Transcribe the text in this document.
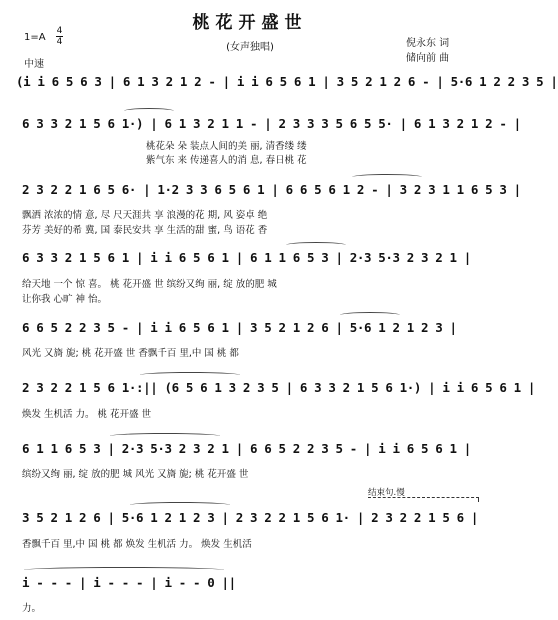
桃花开盛世
(女声独唱)
1=A
4
4
中速
倪永东 词
储向前 曲
(i i 6 5 6 3 | 6 1 3 2 1 2 - | i i 6 5 6 1 | 3 5 2 1 2 6 - | 5·6 1 2 2 3 5 |
6 3 3 2 1 5 6 1·) | 6 1 3 2 1 1 - | 2 3 3 3 5 6 5 5· | 6 1 3 2 1 2 - |
桃花朵 朵 装点人间的美 丽, 清香缕 缕
紫气东 来 传递喜人的消 息, 春日桃 花
2 3 2 2 1 6 5 6· | 1·2 3 3 6 5 6 1 | 6 6 5 6 1 2 - | 3 2 3 1 1 6 5 3 |
飘洒 浓浓的情 意, 尽 尺天涯共 享 浪漫的花 期, 风 姿卓 绝
芬芳 美好的希 冀, 国 泰民安共 享 生活的甜 蜜, 鸟 语花 香
6 3 3 2 1 5 6 1 | i i 6 5 6 1 | 6 1 1 6 5 3 | 2·3 5·3 2 3 2 1 |
给天地 一个 惊 喜。 桃 花开盛 世 缤纷又绚 丽, 绽 放的肥 城
让你我 心旷 神 怡。
6 6 5 2 2 3 5 - | i i 6 5 6 1 | 3 5 2 1 2 6 | 5·6 1 2 1 2 3 |
风光 又旖 旎; 桃 花开盛 世 香飘千百 里,中 国 桃 都
2 3 2 2 1 5 6 1·:|| (6 5 6 1 3 2 3 5 | 6 3 3 2 1 5 6 1·) | i i 6 5 6 1 |
焕发 生机活 力。 桃 花开盛 世
6 1 1 6 5 3 | 2·3 5·3 2 3 2 1 | 6 6 5 2 2 3 5 - | i i 6 5 6 1 |
缤纷又绚 丽, 绽 放的肥 城 风光 又旖 旎; 桃 花开盛 世
结束句.慢
3 5 2 1 2 6 | 5·6 1 2 1 2 3 | 2 3 2 2 1 5 6 1· | 2 3 2 2 1 5 6 |
香飘千百 里,中 国 桃 都 焕发 生机活 力。 焕发 生机活
i - - - | i - - - | i - - 0 ||
力。
